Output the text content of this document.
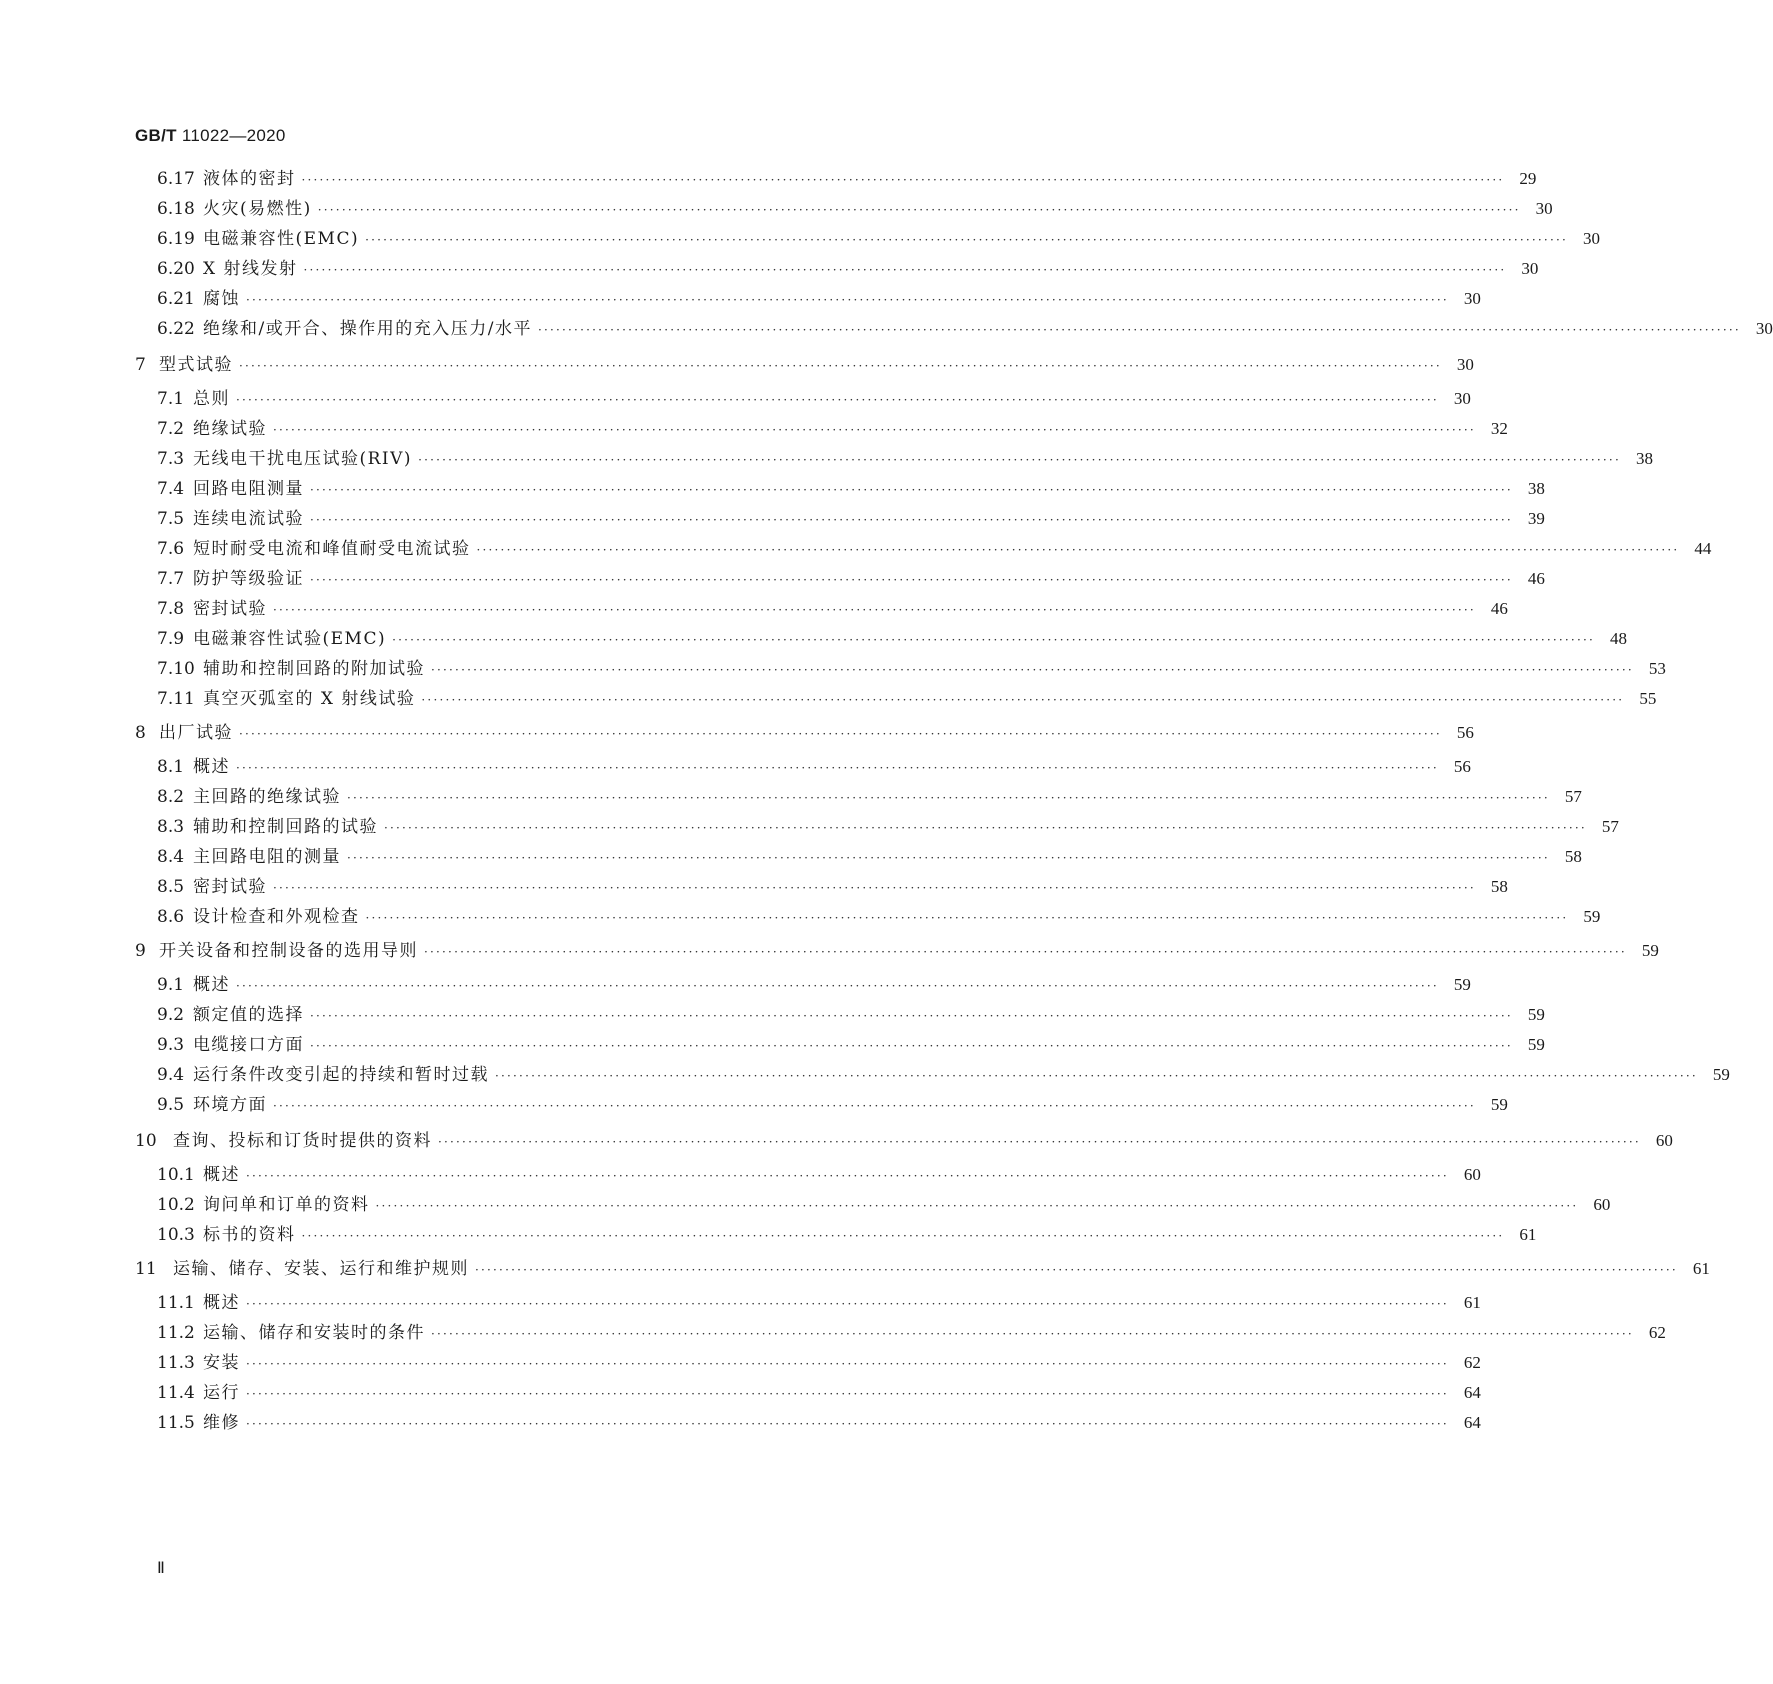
GB/T 11022—2020
6.17 液体的密封 ········································································································································································································ 29
6.18 火灾(易燃性) ········································································································································································································ 30
6.19 电磁兼容性(EMC) ········································································································································································································ 30
6.20 X 射线发射 ········································································································································································································ 30
6.21 腐蚀 ········································································································································································································ 30
6.22 绝缘和/或开合、操作用的充入压力/水平 ········································································································································································································ 30
7 型式试验 ········································································································································································································ 30
7.1 总则 ········································································································································································································ 30
7.2 绝缘试验 ········································································································································································································ 32
7.3 无线电干扰电压试验(RIV) ········································································································································································································ 38
7.4 回路电阻测量 ········································································································································································································ 38
7.5 连续电流试验 ········································································································································································································ 39
7.6 短时耐受电流和峰值耐受电流试验 ········································································································································································································ 44
7.7 防护等级验证 ········································································································································································································ 46
7.8 密封试验 ········································································································································································································ 46
7.9 电磁兼容性试验(EMC) ········································································································································································································ 48
7.10 辅助和控制回路的附加试验 ········································································································································································································ 53
7.11 真空灭弧室的 X 射线试验 ········································································································································································································ 55
8 出厂试验 ········································································································································································································ 56
8.1 概述 ········································································································································································································ 56
8.2 主回路的绝缘试验 ········································································································································································································ 57
8.3 辅助和控制回路的试验 ········································································································································································································ 57
8.4 主回路电阻的测量 ········································································································································································································ 58
8.5 密封试验 ········································································································································································································ 58
8.6 设计检查和外观检查 ········································································································································································································ 59
9 开关设备和控制设备的选用导则 ········································································································································································································ 59
9.1 概述 ········································································································································································································ 59
9.2 额定值的选择 ········································································································································································································ 59
9.3 电缆接口方面 ········································································································································································································ 59
9.4 运行条件改变引起的持续和暂时过载 ········································································································································································································ 59
9.5 环境方面 ········································································································································································································ 59
10 查询、投标和订货时提供的资料 ········································································································································································································ 60
10.1 概述 ········································································································································································································ 60
10.2 询问单和订单的资料 ········································································································································································································ 60
10.3 标书的资料 ········································································································································································································ 61
11 运输、储存、安装、运行和维护规则 ········································································································································································································ 61
11.1 概述 ········································································································································································································ 61
11.2 运输、储存和安装时的条件 ········································································································································································································ 62
11.3 安装 ········································································································································································································ 62
11.4 运行 ········································································································································································································ 64
11.5 维修 ········································································································································································································ 64
Ⅱ
